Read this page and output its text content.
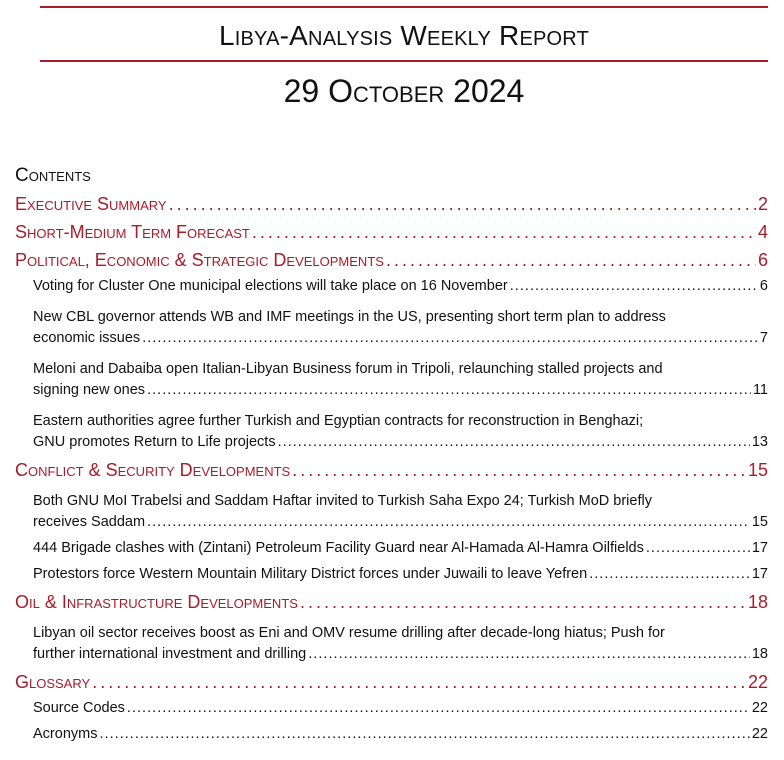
Libya-Analysis Weekly Report
29 October 2024
Contents
Executive Summary . . .	2
Short-Medium Term Forecast . . .	4
Political, Economic & Strategic Developments . . .	6
Voting for Cluster One municipal elections will take place on 16 November . . .	6
New CBL governor attends WB and IMF meetings in the US, presenting short term plan to address
economic issues . . .	7
Meloni and Dabaiba open Italian-Libyan Business forum in Tripoli, relaunching stalled projects and
signing new ones . . .	11
Eastern authorities agree further Turkish and Egyptian contracts for reconstruction in Benghazi;
GNU promotes Return to Life projects . . .	13
Conflict & Security Developments . . .	15
Both GNU MoI Trabelsi and Saddam Haftar invited to Turkish Saha Expo 24; Turkish MoD briefly
receives Saddam . . .	15
444 Brigade clashes with (Zintani) Petroleum Facility Guard near Al-Hamada Al-Hamra Oilfields . . .	17
Protestors force Western Mountain Military District forces under Juwaili to leave Yefren . . .	17
Oil & Infrastructure Developments . . .	18
Libyan oil sector receives boost as Eni and OMV resume drilling after decade-long hiatus; Push for
further international investment and drilling . . .	18
Glossary . . .	22
Source Codes . . .	22
Acronyms . . .	22
